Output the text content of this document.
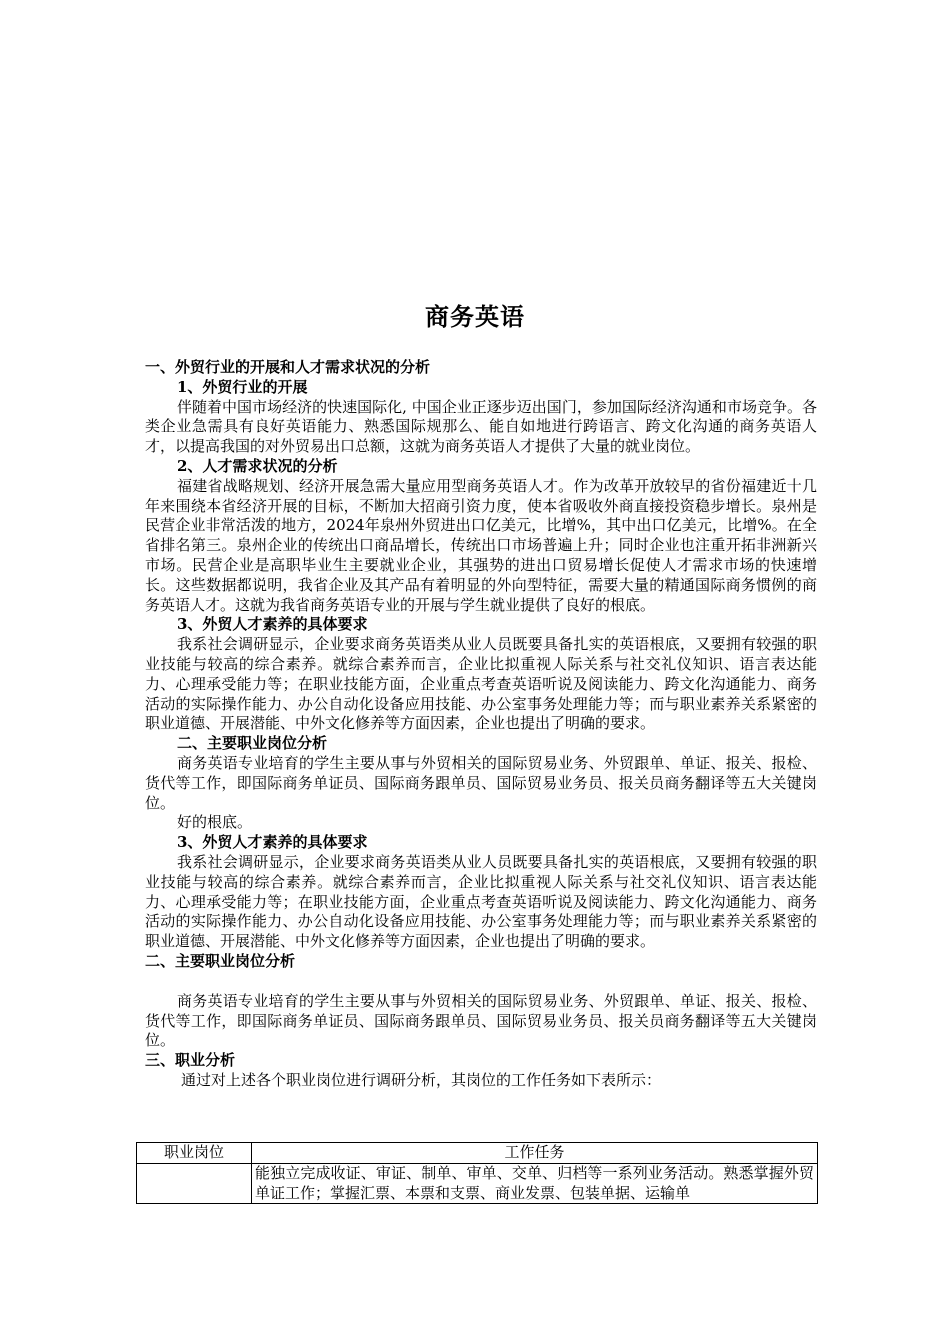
商务英语

一、外贸行业的开展和人才需求状况的分析

1、外贸行业的开展

伴随着中国市场经济的快速国际化, 中国企业正逐步迈出国门，参加国际经济沟通和市场竞争。各类企业急需具有良好英语能力、熟悉国际规那么、能自如地进行跨语言、跨文化沟通的商务英语人才，以提高我国的对外贸易出口总额，这就为商务英语人才提供了大量的就业岗位。

2、人才需求状况的分析

福建省战略规划、经济开展急需大量应用型商务英语人才。作为改革开放较早的省份福建近十几年来围绕本省经济开展的目标，不断加大招商引资力度，使本省吸收外商直接投资稳步增长。泉州是民营企业非常活泼的地方，2024年泉州外贸进出口亿美元，比增%，其中出口亿美元，比增%。在全省排名第三。泉州企业的传统出口商品增长，传统出口市场普遍上升；同时企业也注重开拓非洲新兴市场。民营企业是高职毕业生主要就业企业，其强势的进出口贸易增长促使人才需求市场的快速增长。这些数据都说明，我省企业及其产品有着明显的外向型特征，需要大量的精通国际商务惯例的商务英语人才。这就为我省商务英语专业的开展与学生就业提供了良好的根底。

3、外贸人才素养的具体要求

我系社会调研显示，企业要求商务英语类从业人员既要具备扎实的英语根底，又要拥有较强的职业技能与较高的综合素养。就综合素养而言，企业比拟重视人际关系与社交礼仪知识、语言表达能力、心理承受能力等；在职业技能方面，企业重点考查英语听说及阅读能力、跨文化沟通能力、商务活动的实际操作能力、办公自动化设备应用技能、办公室事务处理能力等；而与职业素养关系紧密的职业道德、开展潜能、中外文化修养等方面因素，企业也提出了明确的要求。

二、主要职业岗位分析

商务英语专业培育的学生主要从事与外贸相关的国际贸易业务、外贸跟单、单证、报关、报检、货代等工作，即国际商务单证员、国际商务跟单员、国际贸易业务员、报关员商务翻译等五大关键岗位。

好的根底。

3、外贸人才素养的具体要求

我系社会调研显示，企业要求商务英语类从业人员既要具备扎实的英语根底，又要拥有较强的职业技能与较高的综合素养。就综合素养而言，企业比拟重视人际关系与社交礼仪知识、语言表达能力、心理承受能力等；在职业技能方面，企业重点考查英语听说及阅读能力、跨文化沟通能力、商务活动的实际操作能力、办公自动化设备应用技能、办公室事务处理能力等；而与职业素养关系紧密的职业道德、开展潜能、中外文化修养等方面因素，企业也提出了明确的要求。

二、主要职业岗位分析

商务英语专业培育的学生主要从事与外贸相关的国际贸易业务、外贸跟单、单证、报关、报检、货代等工作，即国际商务单证员、国际商务跟单员、国际贸易业务员、报关员商务翻译等五大关键岗位。

三、职业分析

通过对上述各个职业岗位进行调研分析，其岗位的工作任务如下表所示：

职业岗位	工作任务
	能独立完成收证、审证、制单、审单、交单、归档等一系列业务活动。熟悉掌握外贸单证工作；掌握汇票、本票和支票、商业发票、包装单据、运输单
